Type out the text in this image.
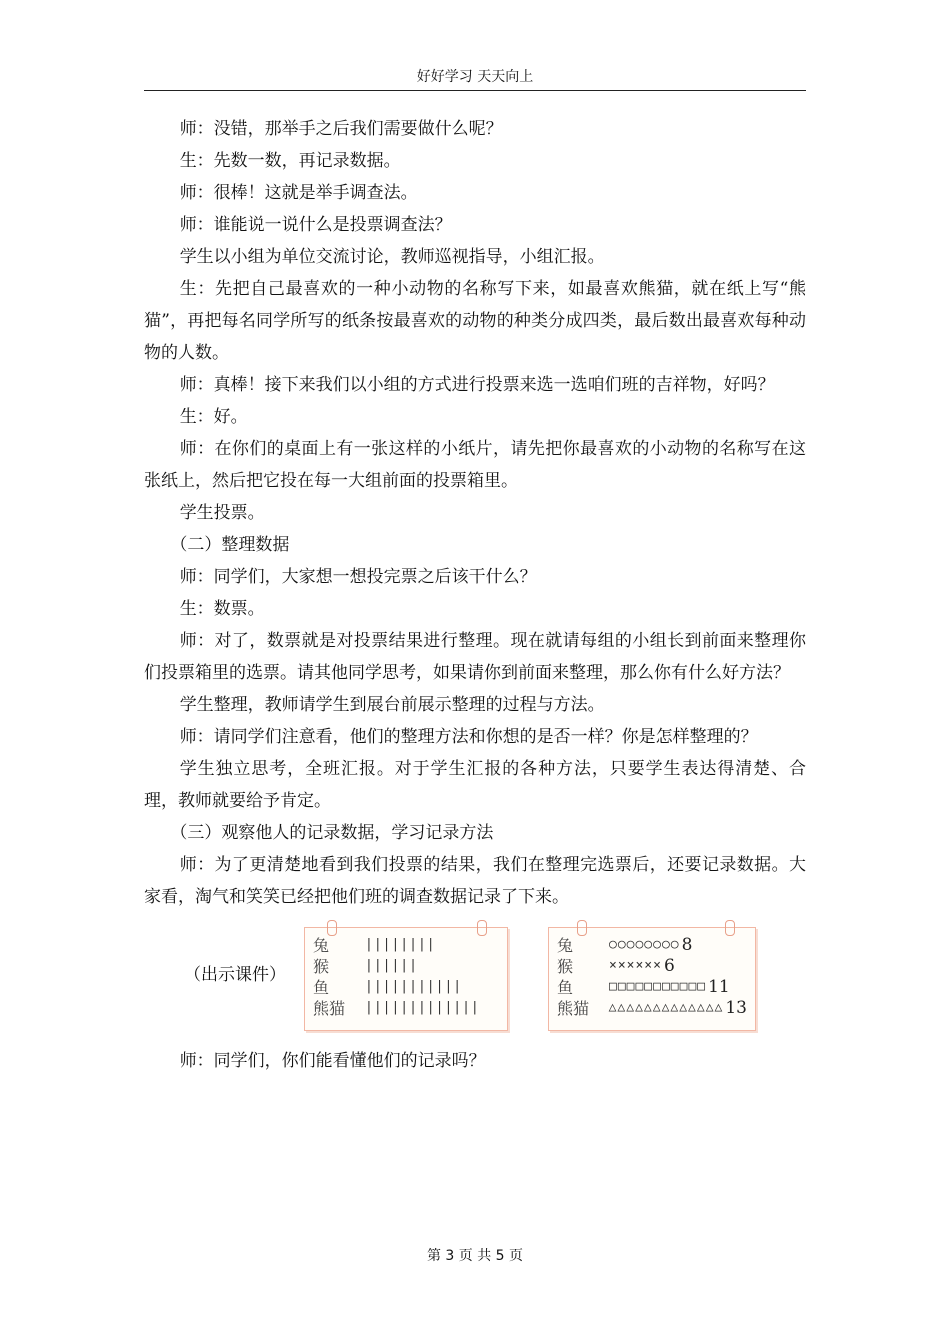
好好学习 天天向上
师：没错，那举手之后我们需要做什么呢？
生：先数一数，再记录数据。
师：很棒！这就是举手调查法。
师：谁能说一说什么是投票调查法？
学生以小组为单位交流讨论，教师巡视指导，小组汇报。
生：先把自己最喜欢的一种小动物的名称写下来，如最喜欢熊猫，就在纸上写“熊猫”，再把每名同学所写的纸条按最喜欢的动物的种类分成四类，最后数出最喜欢每种动物的人数。
师：真棒！接下来我们以小组的方式进行投票来选一选咱们班的吉祥物，好吗？
生：好。
师：在你们的桌面上有一张这样的小纸片，请先把你最喜欢的小动物的名称写在这张纸上，然后把它投在每一大组前面的投票箱里。
学生投票。
（二）整理数据
师：同学们，大家想一想投完票之后该干什么？
生：数票。
师：对了，数票就是对投票结果进行整理。现在就请每组的小组长到前面来整理你们投票箱里的选票。请其他同学思考，如果请你到前面来整理，那么你有什么好方法？
学生整理，教师请学生到展台前展示整理的过程与方法。
师：请同学们注意看，他们的整理方法和你想的是否一样？你是怎样整理的？
学生独立思考，全班汇报。对于学生汇报的各种方法，只要学生表达得清楚、合理，教师就要给予肯定。
（三）观察他人的记录数据，学习记录方法
师：为了更清楚地看到我们投票的结果，我们在整理完选票后，还要记录数据。大家看，淘气和笑笑已经把他们班的调查数据记录了下来。
（出示课件）
兔	||||||||
猴	||||||
鱼	|||||||||||
熊猫	|||||||||||||
兔	○○○○○○○○ 8
猴	×××××× 6
鱼	□□□□□□□□□□□ 11
熊猫	△△△△△△△△△△△△△ 13
师：同学们，你们能看懂他们的记录吗？
第 3 页 共 5 页
